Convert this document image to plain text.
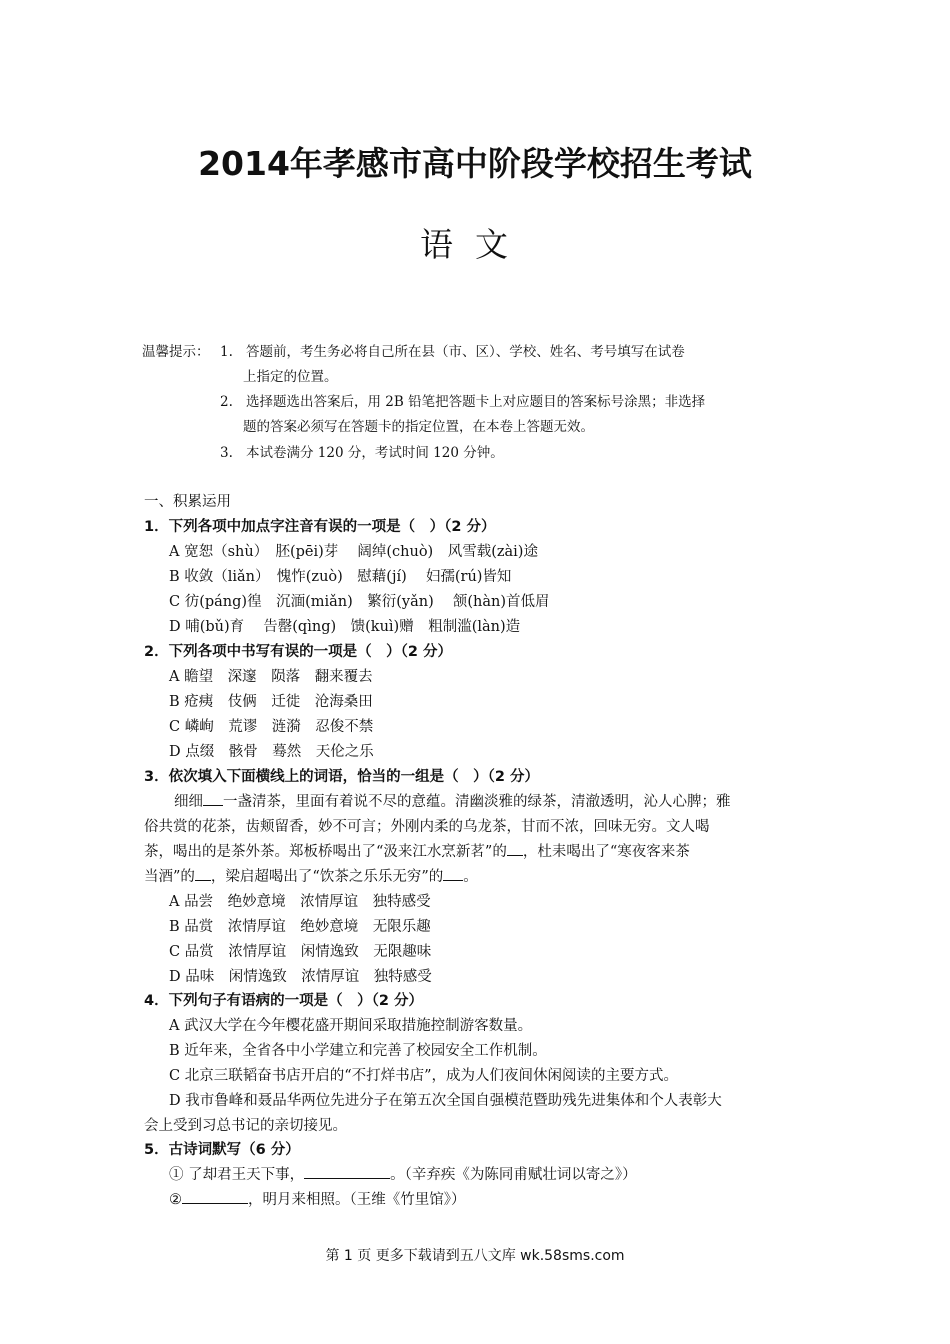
2014年孝感市高中阶段学校招生考试
语文
温馨提示： 1. 答题前，考生务必将自己所在县（市、区）、学校、姓名、考号填写在试卷
上指定的位置。
2. 选择题选出答案后，用 2B 铅笔把答题卡上对应题目的答案标号涂黑；非选择
题的答案必须写在答题卡的指定位置，在本卷上答题无效。
3. 本试卷满分 120 分，考试时间 120 分钟。
一、积累运用
1．下列各项中加点字注音有误的一项是（　）（2 分）
A 宽恕（shù）　胚(pēi)芽　 阔绰(chuò)　风雪载(zài)途
B 收敛（liǎn）　愧怍(zuò)　慰藉(jí)　 妇孺(rú)皆知
C 彷(páng)徨　沉湎(miǎn)　繁衍(yǎn)　 颔(hàn)首低眉
D 哺(bǔ)育　 告罄(qìng)　馈(kuì)赠　粗制滥(làn)造
2．下列各项中书写有误的一项是（　）（2 分）
A 瞻望　深邃　陨落　翻来覆去
B 疮痍　伎俩　迁徙　沧海桑田
C 嶙峋　荒谬　涟漪　忍俊不禁
D 点缀　骸骨　蓦然　天伦之乐
3．依次填入下面横线上的词语，恰当的一组是（　）（2 分）
细细 一盏清茶，里面有着说不尽的意蕴。清幽淡雅的绿茶，清澈透明，沁人心脾；雅
俗共赏的花茶，齿颊留香，妙不可言；外刚内柔的乌龙茶，甘而不浓，回味无穷。文人喝
茶，喝出的是茶外茶。郑板桥喝出了“汲来江水烹新茗”的 ，杜耒喝出了“寒夜客来茶
当酒”的 ，梁启超喝出了“饮茶之乐乐无穷”的 。
A 品尝　绝妙意境　浓情厚谊　独特感受
B 品赏　浓情厚谊　绝妙意境　无限乐趣
C 品赏　浓情厚谊　闲情逸致　无限趣味
D 品味　闲情逸致　浓情厚谊　独特感受
4．下列句子有语病的一项是（　）（2 分）
A 武汉大学在今年樱花盛开期间采取措施控制游客数量。
B 近年来，全省各中小学建立和完善了校园安全工作机制。
C 北京三联韬奋书店开启的“不打烊书店”，成为人们夜间休闲阅读的主要方式。
D 我市鲁峰和聂品华两位先进分子在第五次全国自强模范暨助残先进集体和个人表彰大
会上受到习总书记的亲切接见。
5．古诗词默写（6 分）
① 了却君王天下事，	。（辛弃疾《为陈同甫赋壮词以寄之》）
②	，明月来相照。（王维《竹里馆》）
第 1 页 更多下载请到五八文库 wk.58sms.com
